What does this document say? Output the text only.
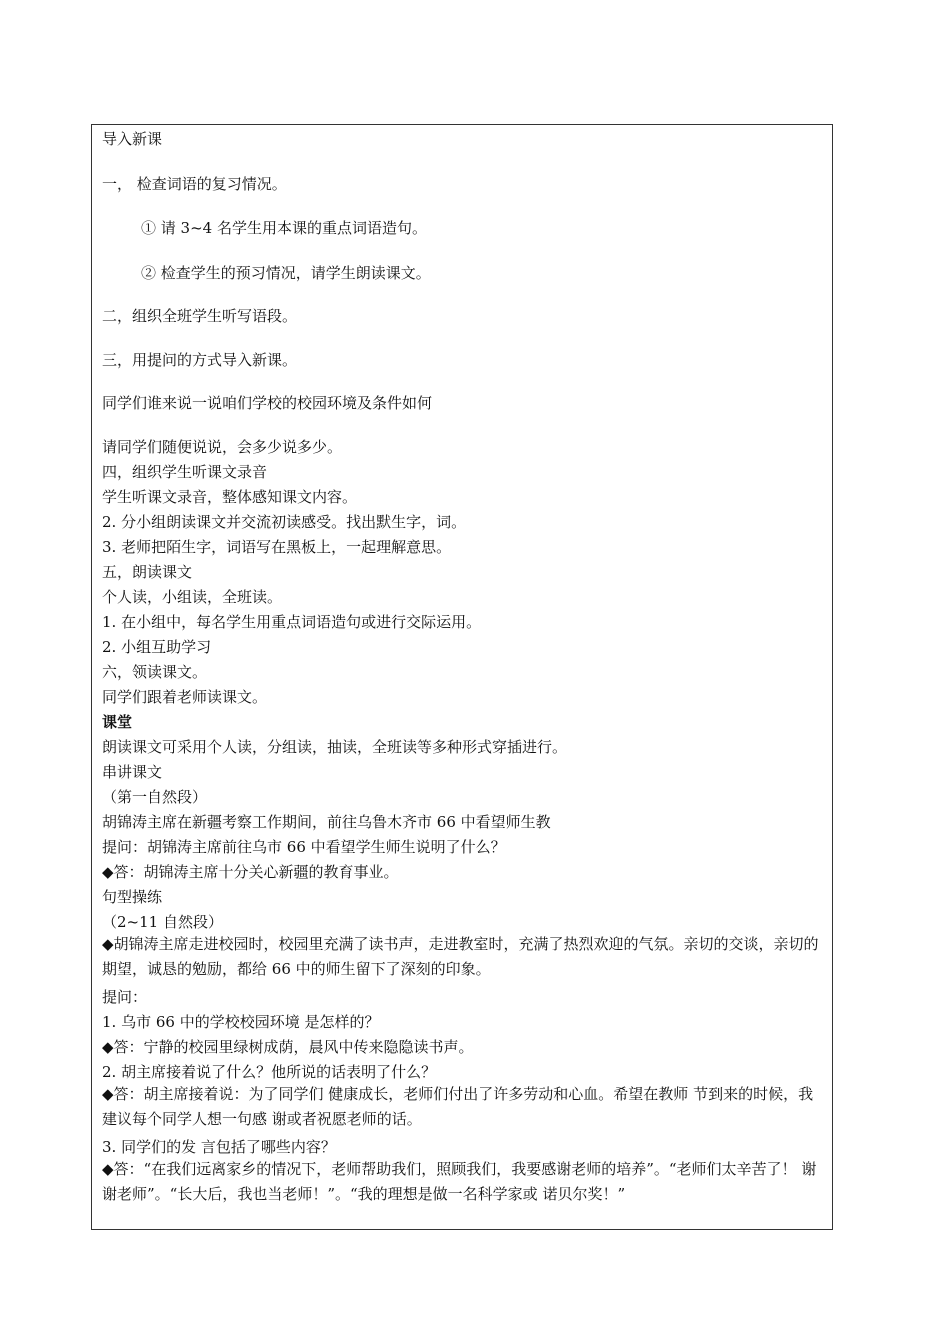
导入新课
一， 检查词语的复习情况。
① 请 3~4 名学生用本课的重点词语造句。
② 检查学生的预习情况，请学生朗读课文。
二，组织全班学生听写语段。
三，用提问的方式导入新课。
同学们谁来说一说咱们学校的校园环境及条件如何
请同学们随便说说，会多少说多少。
四，组织学生听课文录音
学生听课文录音，整体感知课文内容。
2. 分小组朗读课文并交流初读感受。找出默生字，词。
3. 老师把陌生字，词语写在黑板上，一起理解意思。
五，朗读课文
个人读，小组读，全班读。
1. 在小组中，每名学生用重点词语造句或进行交际运用。
2. 小组互助学习
六，领读课文。
同学们跟着老师读课文。
课堂
朗读课文可采用个人读，分组读，抽读，全班读等多种形式穿插进行。
串讲课文
（第一自然段）
胡锦涛主席在新疆考察工作期间，前往乌鲁木齐市 66 中看望师生教
提问：胡锦涛主席前往乌市 66 中看望学生师生说明了什么？
◆答：胡锦涛主席十分关心新疆的教育事业。
句型操练
（2~11 自然段）
◆胡锦涛主席走进校园时，校园里充满了读书声，走进教室时，充满了热烈欢迎的气氛。亲切的交谈，亲切的期望，诚恳的勉励，都给 66 中的师生留下了深刻的印象。
提问：
1. 乌市 66 中的学校校园环境 是怎样的？
◆答：宁静的校园里绿树成荫，晨风中传来隐隐读书声。
2. 胡主席接着说了什么？他所说的话表明了什么？
◆答：胡主席接着说：为了同学们 健康成长，老师们付出了许多劳动和心血。希望在教师 节到来的时候，我建议每个同学人想一句感 谢或者祝愿老师的话。
3. 同学们的发 言包括了哪些内容？
◆答：“在我们远离家乡的情况下，老师帮助我们，照顾我们，我要感谢老师的培养”。“老师们太辛苦了！ 谢谢老师”。“长大后，我也当老师！”。“我的理想是做一名科学家或 诺贝尔奖！”
